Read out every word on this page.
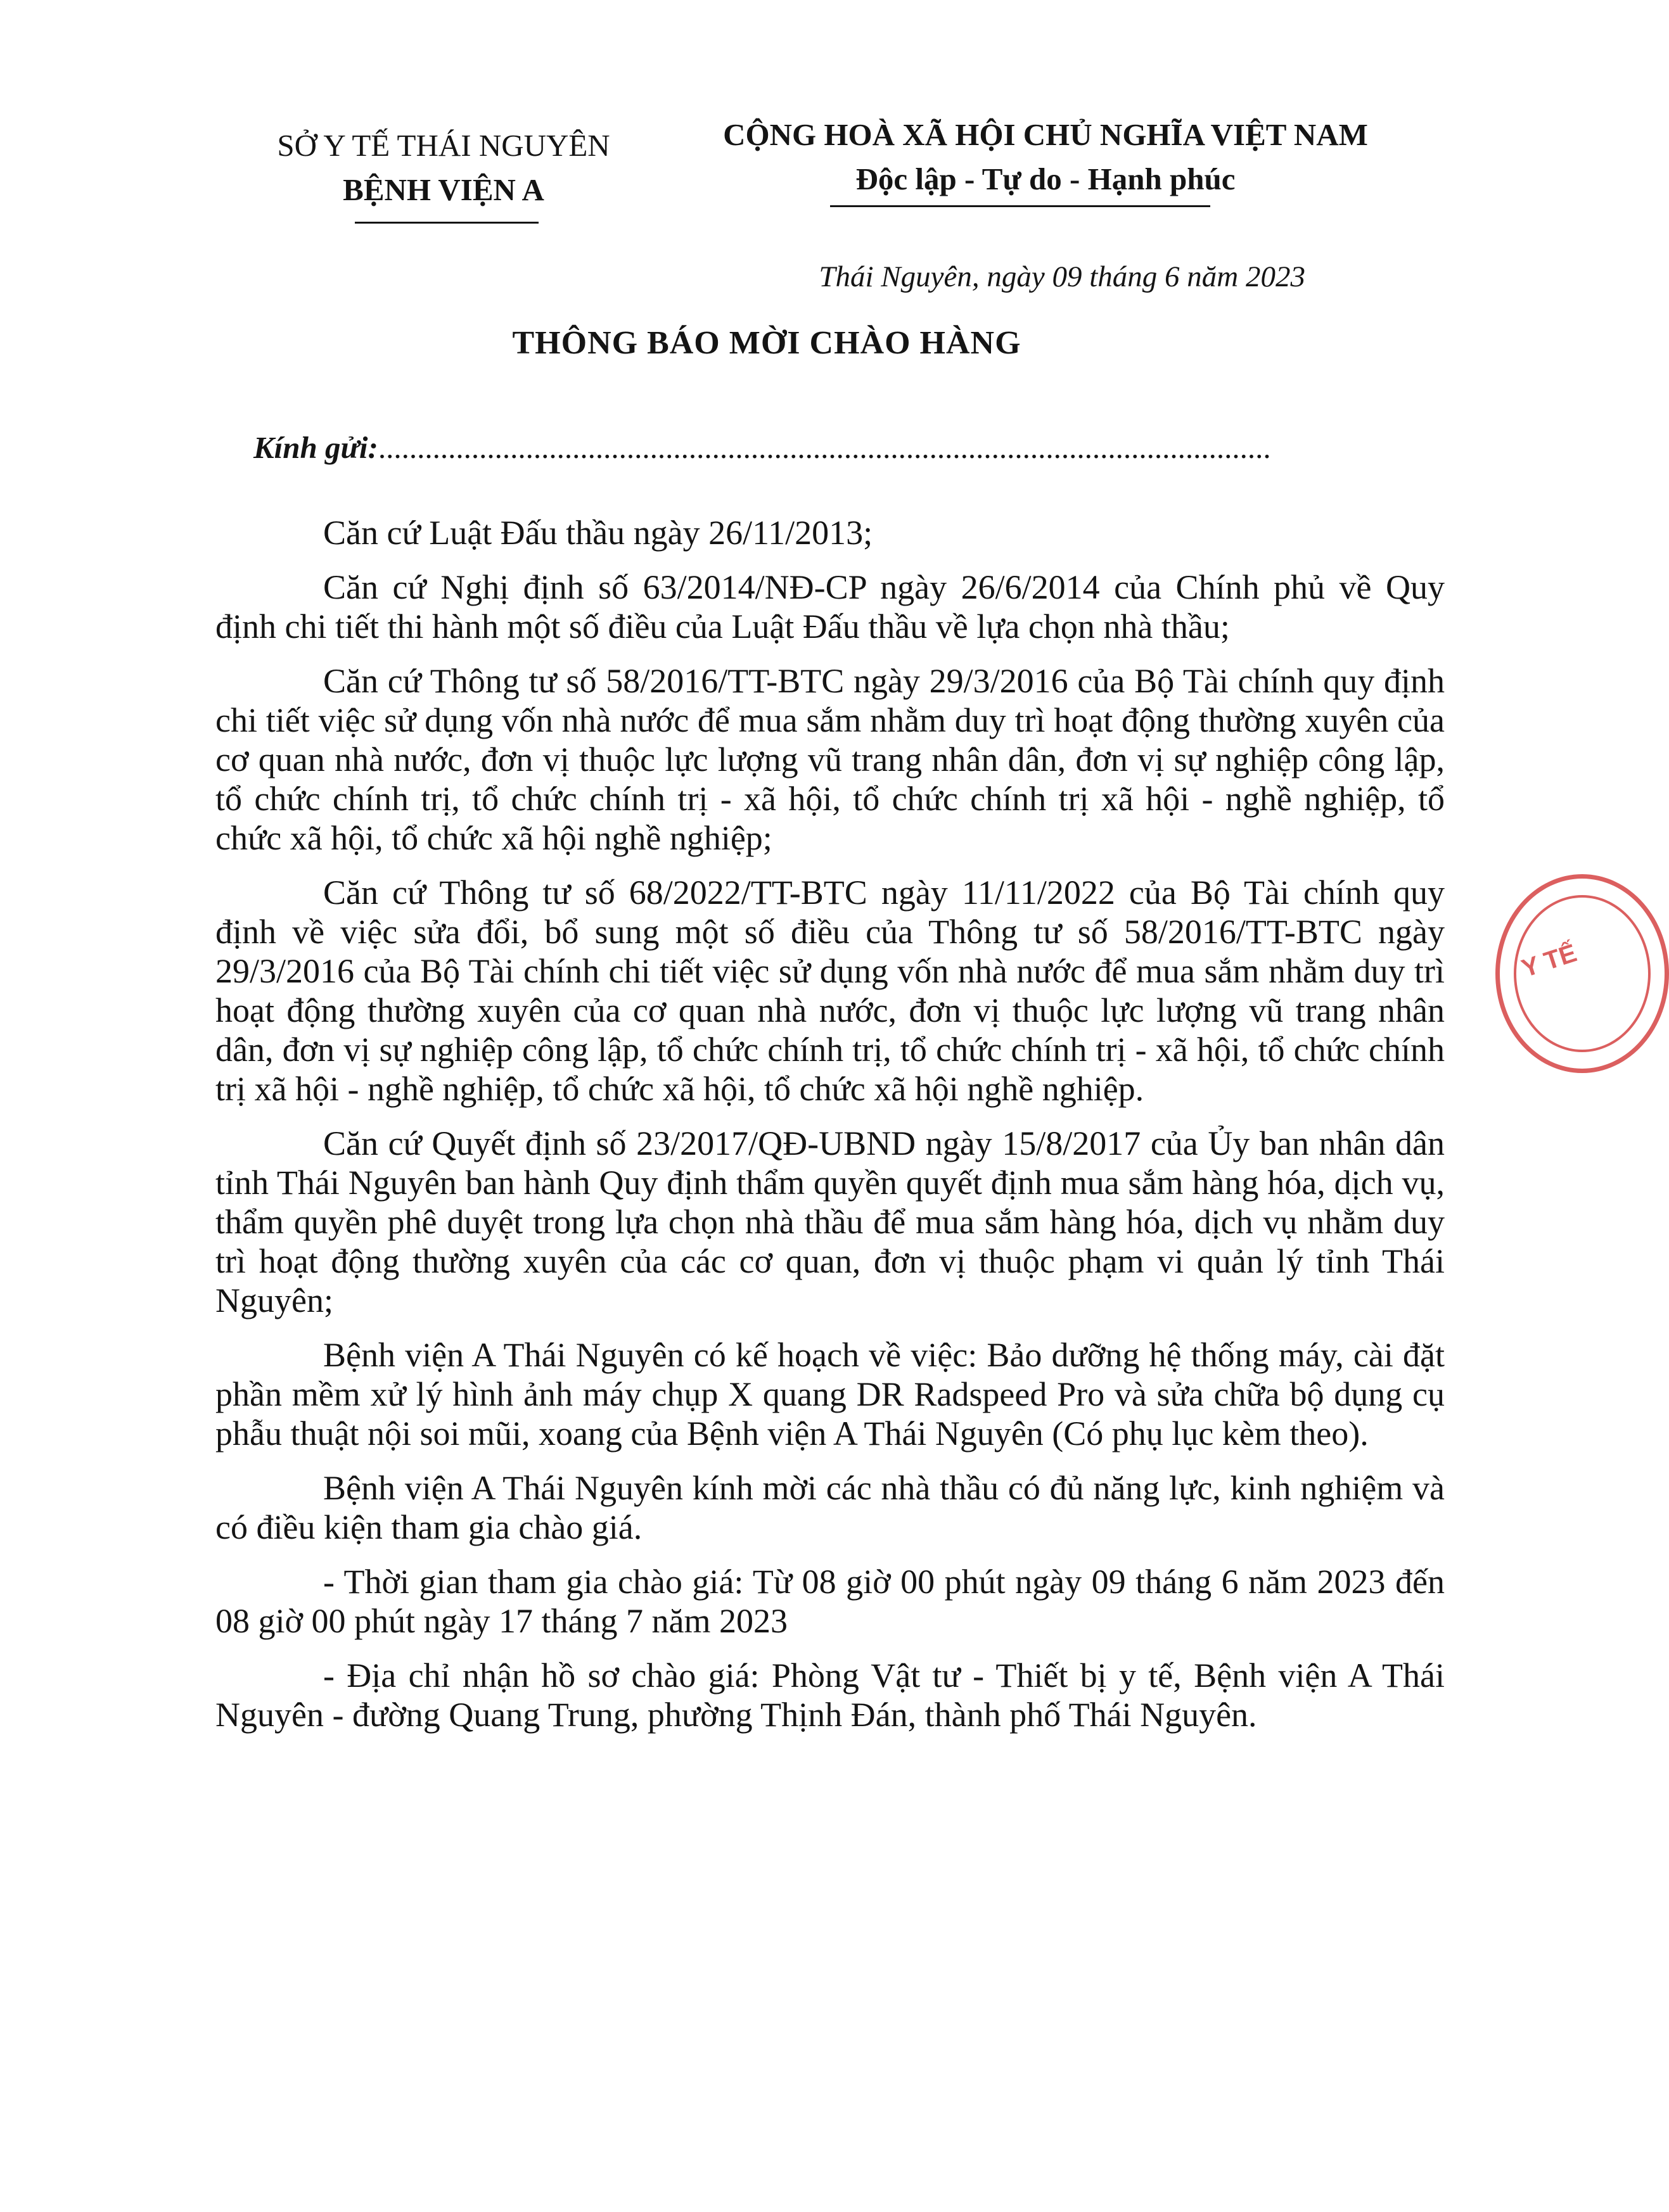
SỞ Y TẾ THÁI NGUYÊN
BỆNH VIỆN A
CỘNG HOÀ XÃ HỘI CHỦ NGHĨA VIỆT NAM
Độc lập - Tự do - Hạnh phúc
Thái Nguyên, ngày 09 tháng 6 năm 2023
THÔNG BÁO MỜI CHÀO HÀNG
Kính gửi:...................................................................................................................

Căn cứ Luật Đấu thầu ngày 26/11/2013;

Căn cứ Nghị định số 63/2014/NĐ-CP ngày 26/6/2014 của Chính phủ về Quy định chi tiết thi hành một số điều của Luật Đấu thầu về lựa chọn nhà thầu;

Căn cứ Thông tư số 58/2016/TT-BTC ngày 29/3/2016 của Bộ Tài chính quy định chi tiết việc sử dụng vốn nhà nước để mua sắm nhằm duy trì hoạt động thường xuyên của cơ quan nhà nước, đơn vị thuộc lực lượng vũ trang nhân dân, đơn vị sự nghiệp công lập, tổ chức chính trị, tổ chức chính trị - xã hội, tổ chức chính trị xã hội - nghề nghiệp, tổ chức xã hội, tổ chức xã hội nghề nghiệp;

Căn cứ Thông tư số 68/2022/TT-BTC ngày 11/11/2022 của Bộ Tài chính quy định về việc sửa đổi, bổ sung một số điều của Thông tư số 58/2016/TT-BTC ngày 29/3/2016 của Bộ Tài chính chi tiết việc sử dụng vốn nhà nước để mua sắm nhằm duy trì hoạt động thường xuyên của cơ quan nhà nước, đơn vị thuộc lực lượng vũ trang nhân dân, đơn vị sự nghiệp công lập, tổ chức chính trị, tổ chức chính trị - xã hội, tổ chức chính trị xã hội - nghề nghiệp, tổ chức xã hội, tổ chức xã hội nghề nghiệp.

Căn cứ Quyết định số 23/2017/QĐ-UBND ngày 15/8/2017 của Ủy ban nhân dân tỉnh Thái Nguyên ban hành Quy định thẩm quyền quyết định mua sắm hàng hóa, dịch vụ, thẩm quyền phê duyệt trong lựa chọn nhà thầu để mua sắm hàng hóa, dịch vụ nhằm duy trì hoạt động thường xuyên của các cơ quan, đơn vị thuộc phạm vi quản lý tỉnh Thái Nguyên;

Bệnh viện A Thái Nguyên có kế hoạch về việc: Bảo dưỡng hệ thống máy, cài đặt phần mềm xử lý hình ảnh máy chụp X quang DR Radspeed Pro và sửa chữa bộ dụng cụ phẫu thuật nội soi mũi, xoang của Bệnh viện A Thái Nguyên (Có phụ lục kèm theo).

Bệnh viện A Thái Nguyên kính mời các nhà thầu có đủ năng lực, kinh nghiệm và có điều kiện tham gia chào giá.

- Thời gian tham gia chào giá: Từ 08 giờ 00 phút ngày 09 tháng 6 năm 2023 đến 08 giờ 00 phút ngày 17 tháng 7 năm 2023

- Địa chỉ nhận hồ sơ chào giá: Phòng Vật tư - Thiết bị y tế, Bệnh viện A Thái Nguyên - đường Quang Trung, phường Thịnh Đán, thành phố Thái Nguyên.

Y TẾ
